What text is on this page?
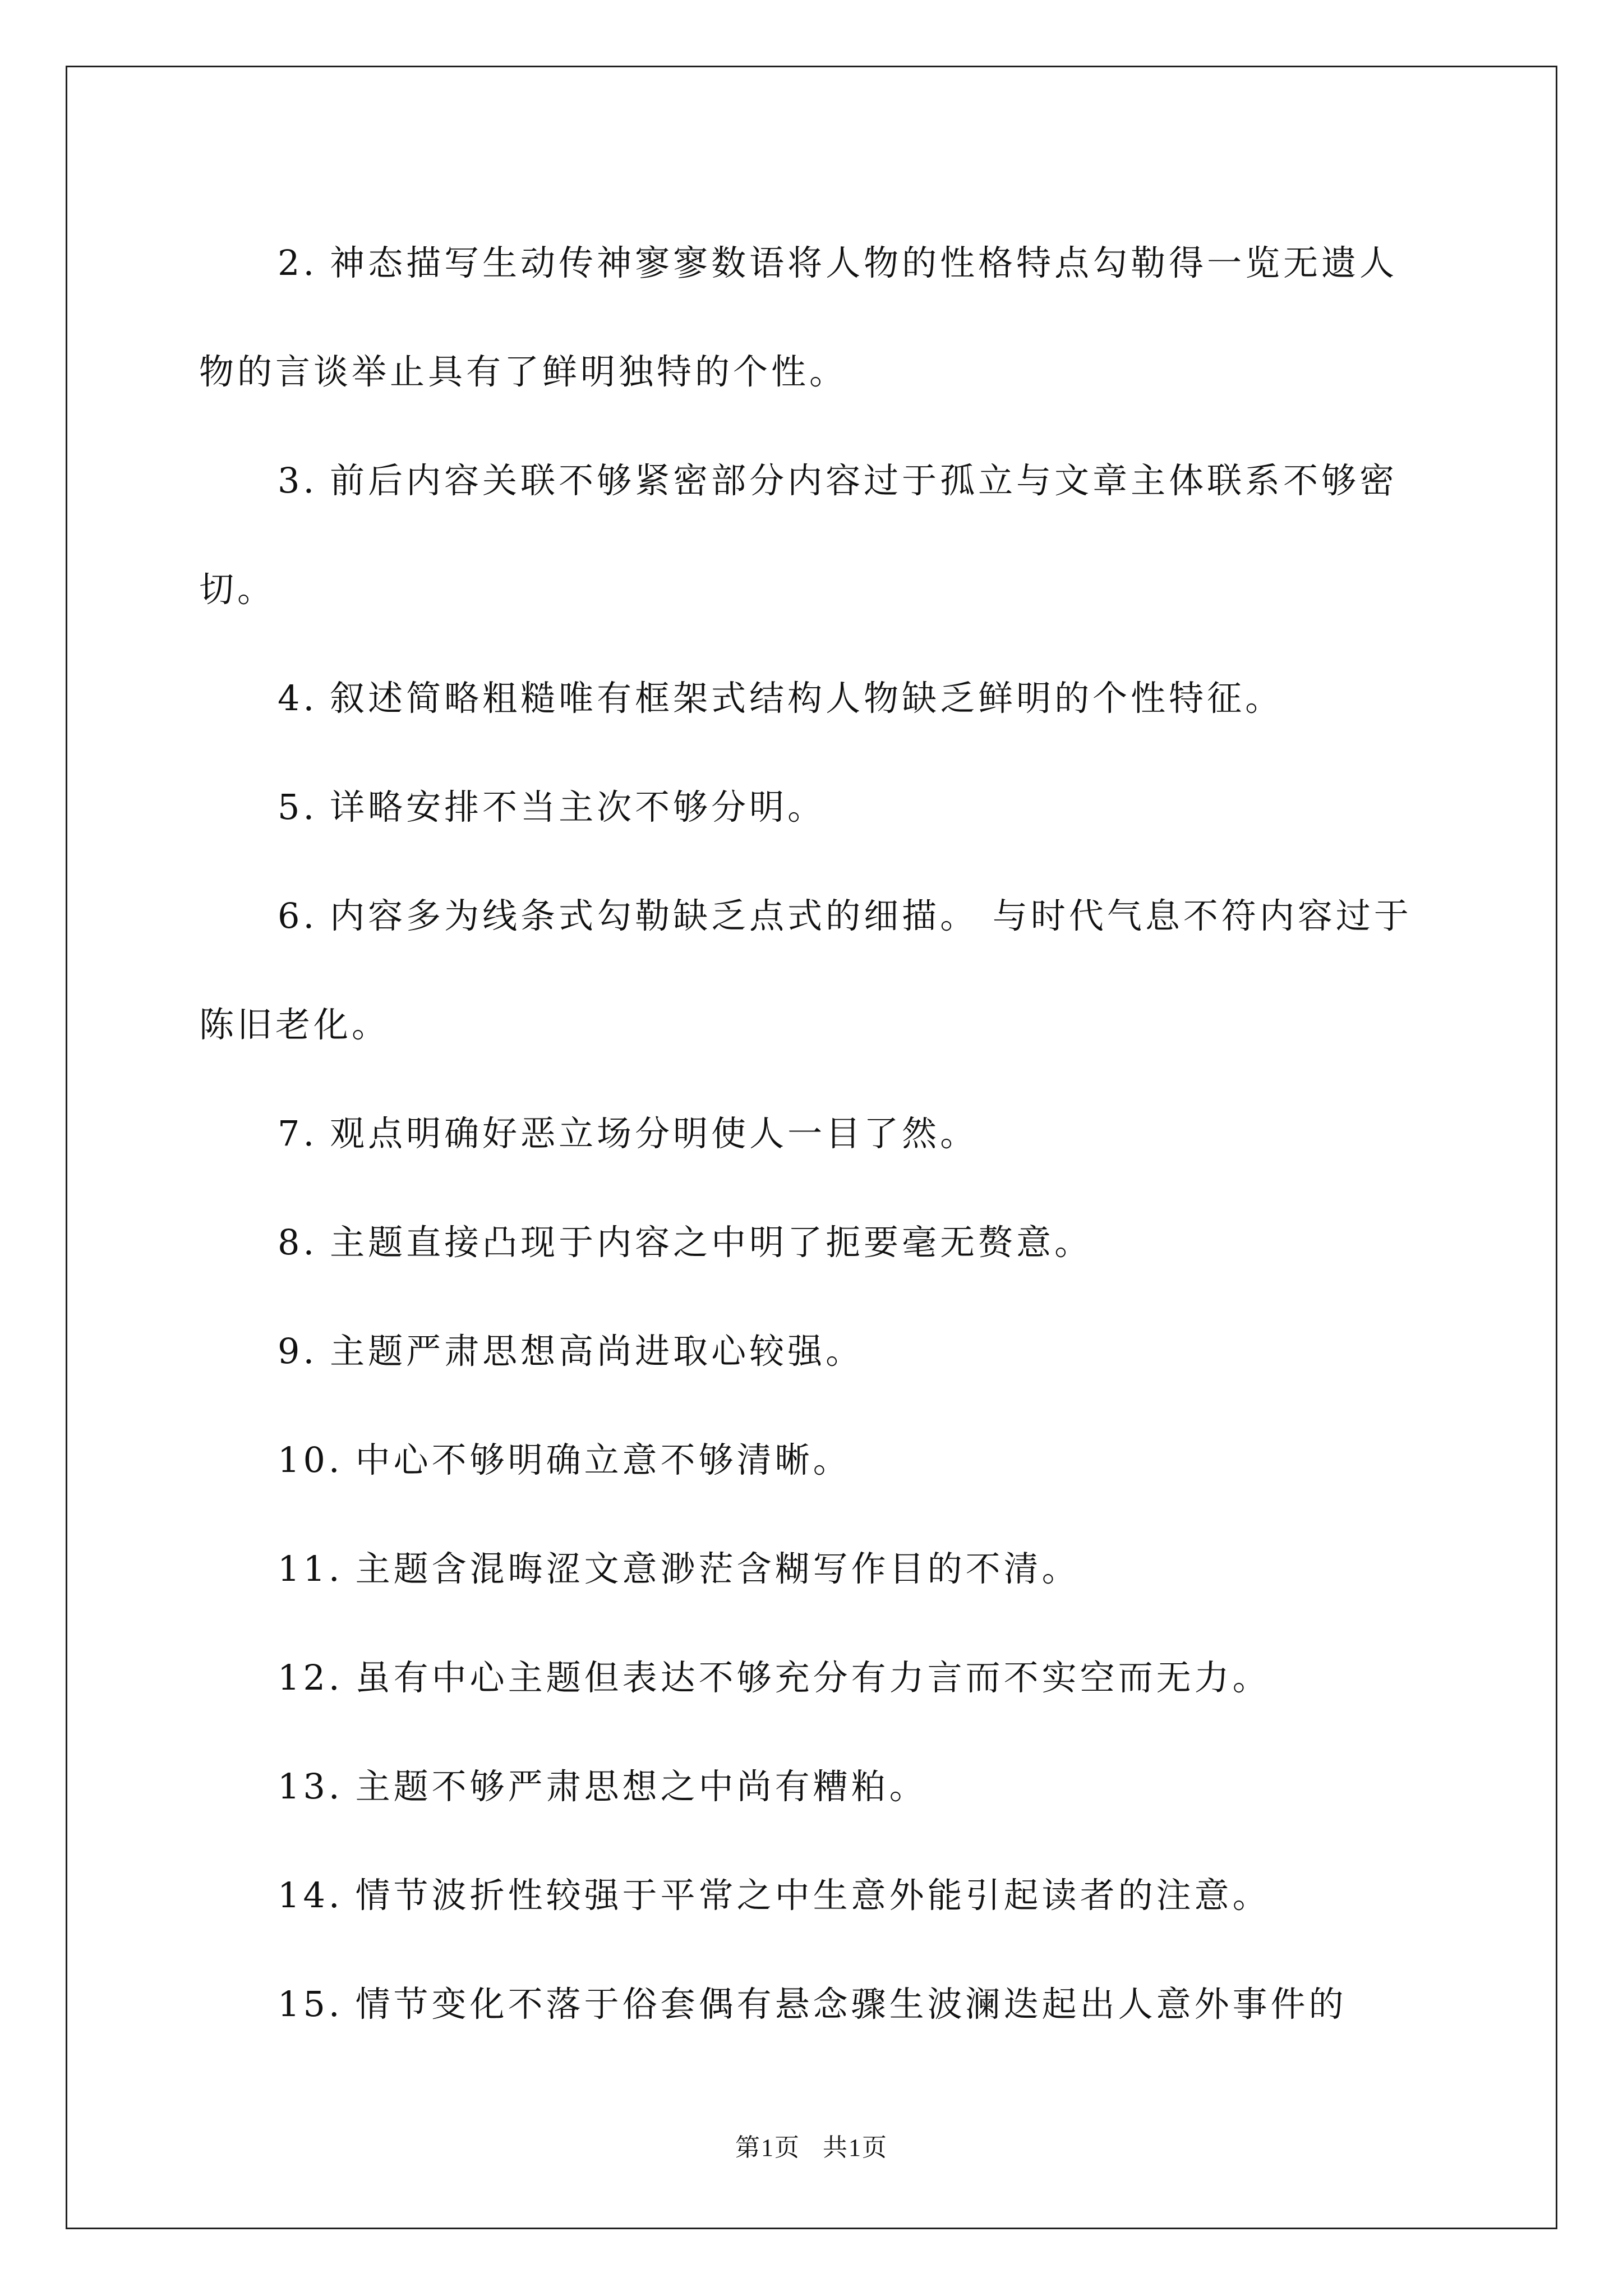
2. 神态描写生动传神寥寥数语将人物的性格特点勾勒得一览无遗人物的言谈举止具有了鲜明独特的个性。

3. 前后内容关联不够紧密部分内容过于孤立与文章主体联系不够密切。

4. 叙述简略粗糙唯有框架式结构人物缺乏鲜明的个性特征。

5. 详略安排不当主次不够分明。

6. 内容多为线条式勾勒缺乏点式的细描。 与时代气息不符内容过于陈旧老化。

7. 观点明确好恶立场分明使人一目了然。

8. 主题直接凸现于内容之中明了扼要毫无赘意。

9. 主题严肃思想高尚进取心较强。

10. 中心不够明确立意不够清晰。

11. 主题含混晦涩文意渺茫含糊写作目的不清。

12. 虽有中心主题但表达不够充分有力言而不实空而无力。

13. 主题不够严肃思想之中尚有糟粕。

14. 情节波折性较强于平常之中生意外能引起读者的注意。

15. 情节变化不落于俗套偶有悬念骤生波澜迭起出人意外事件的

第1页 共1页
